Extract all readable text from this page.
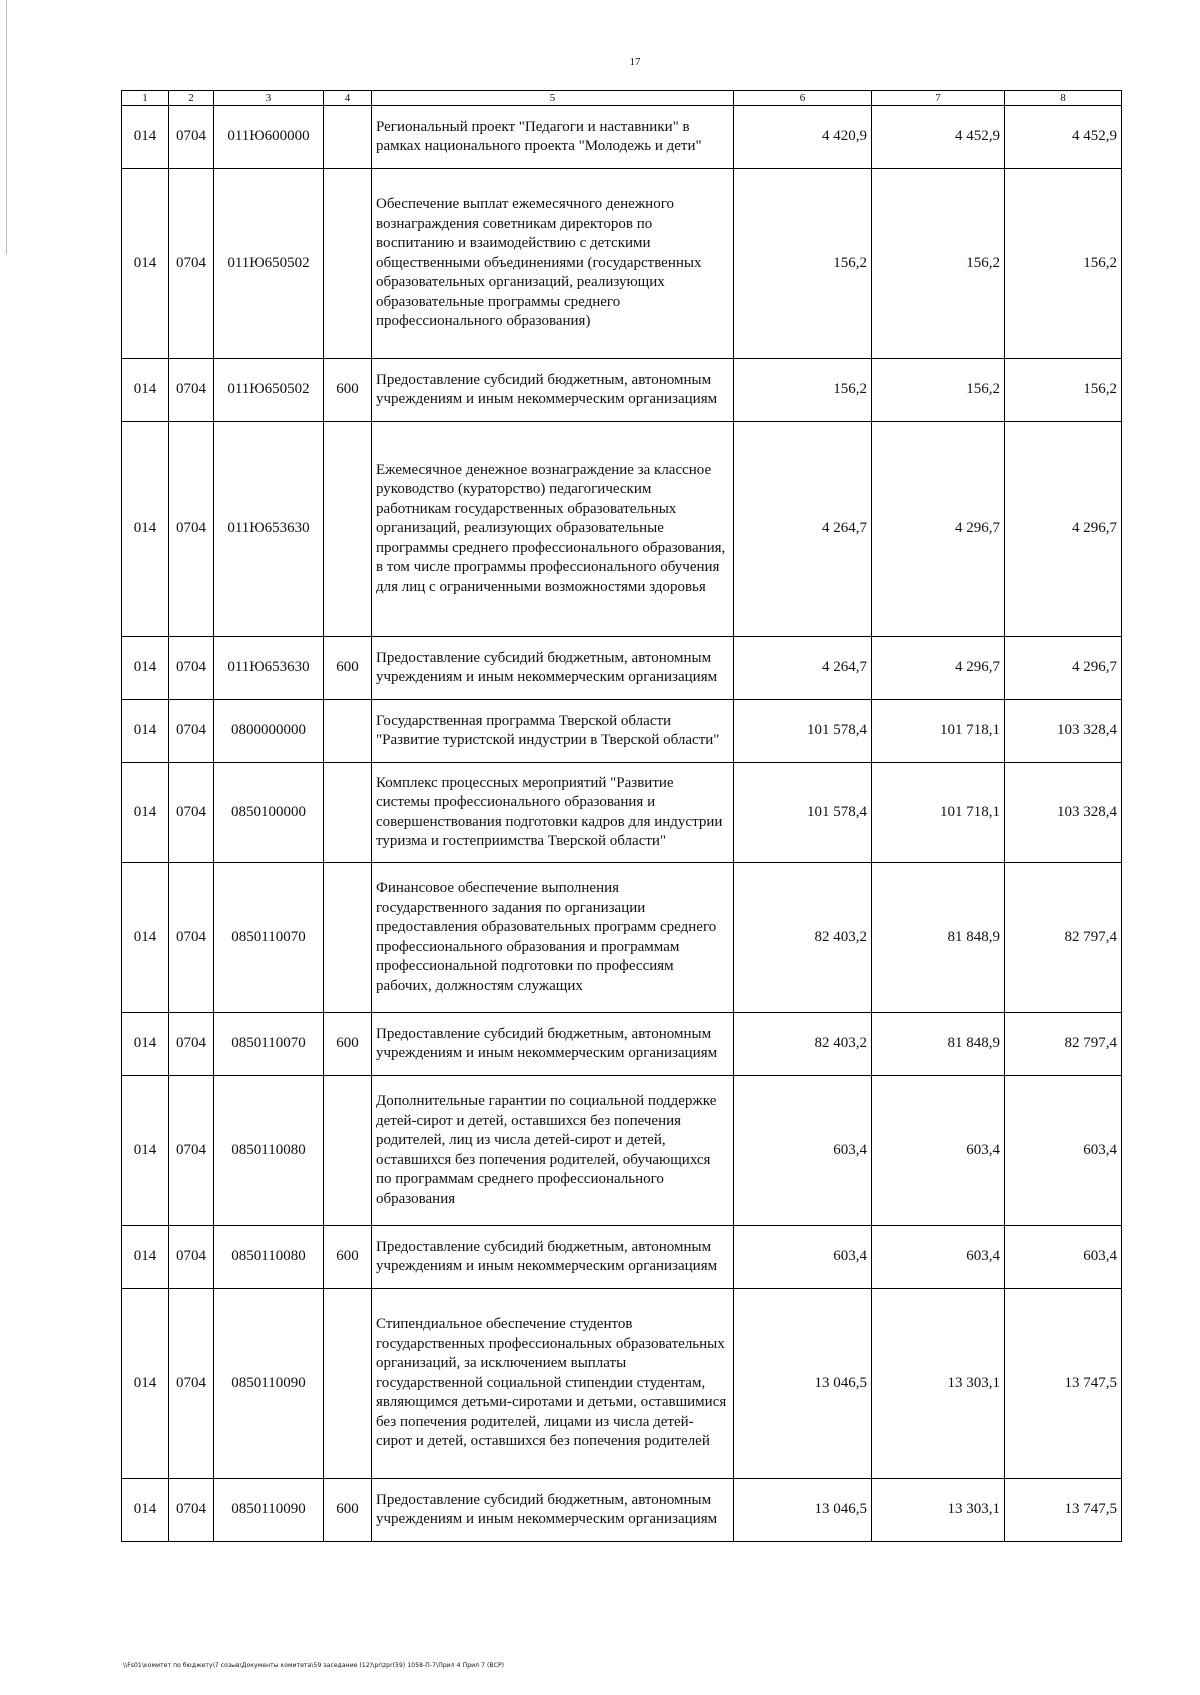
17
1	2	3	4	5	6	7	8
014	0704	011Ю600000		Региональный проект "Педагоги и наставники" в рамках национального проекта "Молодежь и дети"	4 420,9	4 452,9	4 452,9
014	0704	011Ю650502		Обеспечение выплат ежемесячного денежного вознаграждения советникам директоров по воспитанию и взаимодействию с детскими общественными объединениями (государственных образовательных организаций, реализующих образовательные программы среднего профессионального образования)	156,2	156,2	156,2
014	0704	011Ю650502	600	Предоставление субсидий бюджетным, автономным учреждениям и иным некоммерческим организациям	156,2	156,2	156,2
014	0704	011Ю653630		Ежемесячное денежное вознаграждение за классное руководство (кураторство) педагогическим работникам государственных образовательных организаций, реализующих образовательные программы среднего профессионального образования, в том числе программы профессионального обучения для лиц с ограниченными возможностями здоровья	4 264,7	4 296,7	4 296,7
014	0704	011Ю653630	600	Предоставление субсидий бюджетным, автономным учреждениям и иным некоммерческим организациям	4 264,7	4 296,7	4 296,7
014	0704	0800000000		Государственная программа Тверской области "Развитие туристской индустрии в Тверской области"	101 578,4	101 718,1	103 328,4
014	0704	0850100000		Комплекс процессных мероприятий "Развитие системы профессионального образования и совершенствования подготовки кадров для индустрии туризма и гостеприимства Тверской области"	101 578,4	101 718,1	103 328,4
014	0704	0850110070		Финансовое обеспечение выполнения государственного задания по организации предоставления образовательных программ среднего профессионального образования и программам профессиональной подготовки по профессиям рабочих, должностям служащих	82 403,2	81 848,9	82 797,4
014	0704	0850110070	600	Предоставление субсидий бюджетным, автономным учреждениям и иным некоммерческим организациям	82 403,2	81 848,9	82 797,4
014	0704	0850110080		Дополнительные гарантии по социальной поддержке детей-сирот и детей, оставшихся без попечения родителей, лиц из числа детей-сирот и детей, оставшихся без попечения родителей, обучающихся по программам среднего профессионального образования	603,4	603,4	603,4
014	0704	0850110080	600	Предоставление субсидий бюджетным, автономным учреждениям и иным некоммерческим организациям	603,4	603,4	603,4
014	0704	0850110090		Стипендиальное обеспечение студентов государственных профессиональных образовательных организаций, за исключением выплаты государственной социальной стипендии студентам, являющимся детьми-сиротами и детьми, оставшимися без попечения родителей, лицами из числа детей-сирот и детей, оставшихся без попечения родителей	13 046,5	13 303,1	13 747,5
014	0704	0850110090	600	Предоставление субсидий бюджетным, автономным учреждениям и иным некоммерческим организациям	13 046,5	13 303,1	13 747,5
\\Fs01\комитет по бюджету\7 созыв\Документы комитета\59 заседание (12)\pr\zpr(59) 1058-П-7\Прил 4 Прил 7 (ВСР)
